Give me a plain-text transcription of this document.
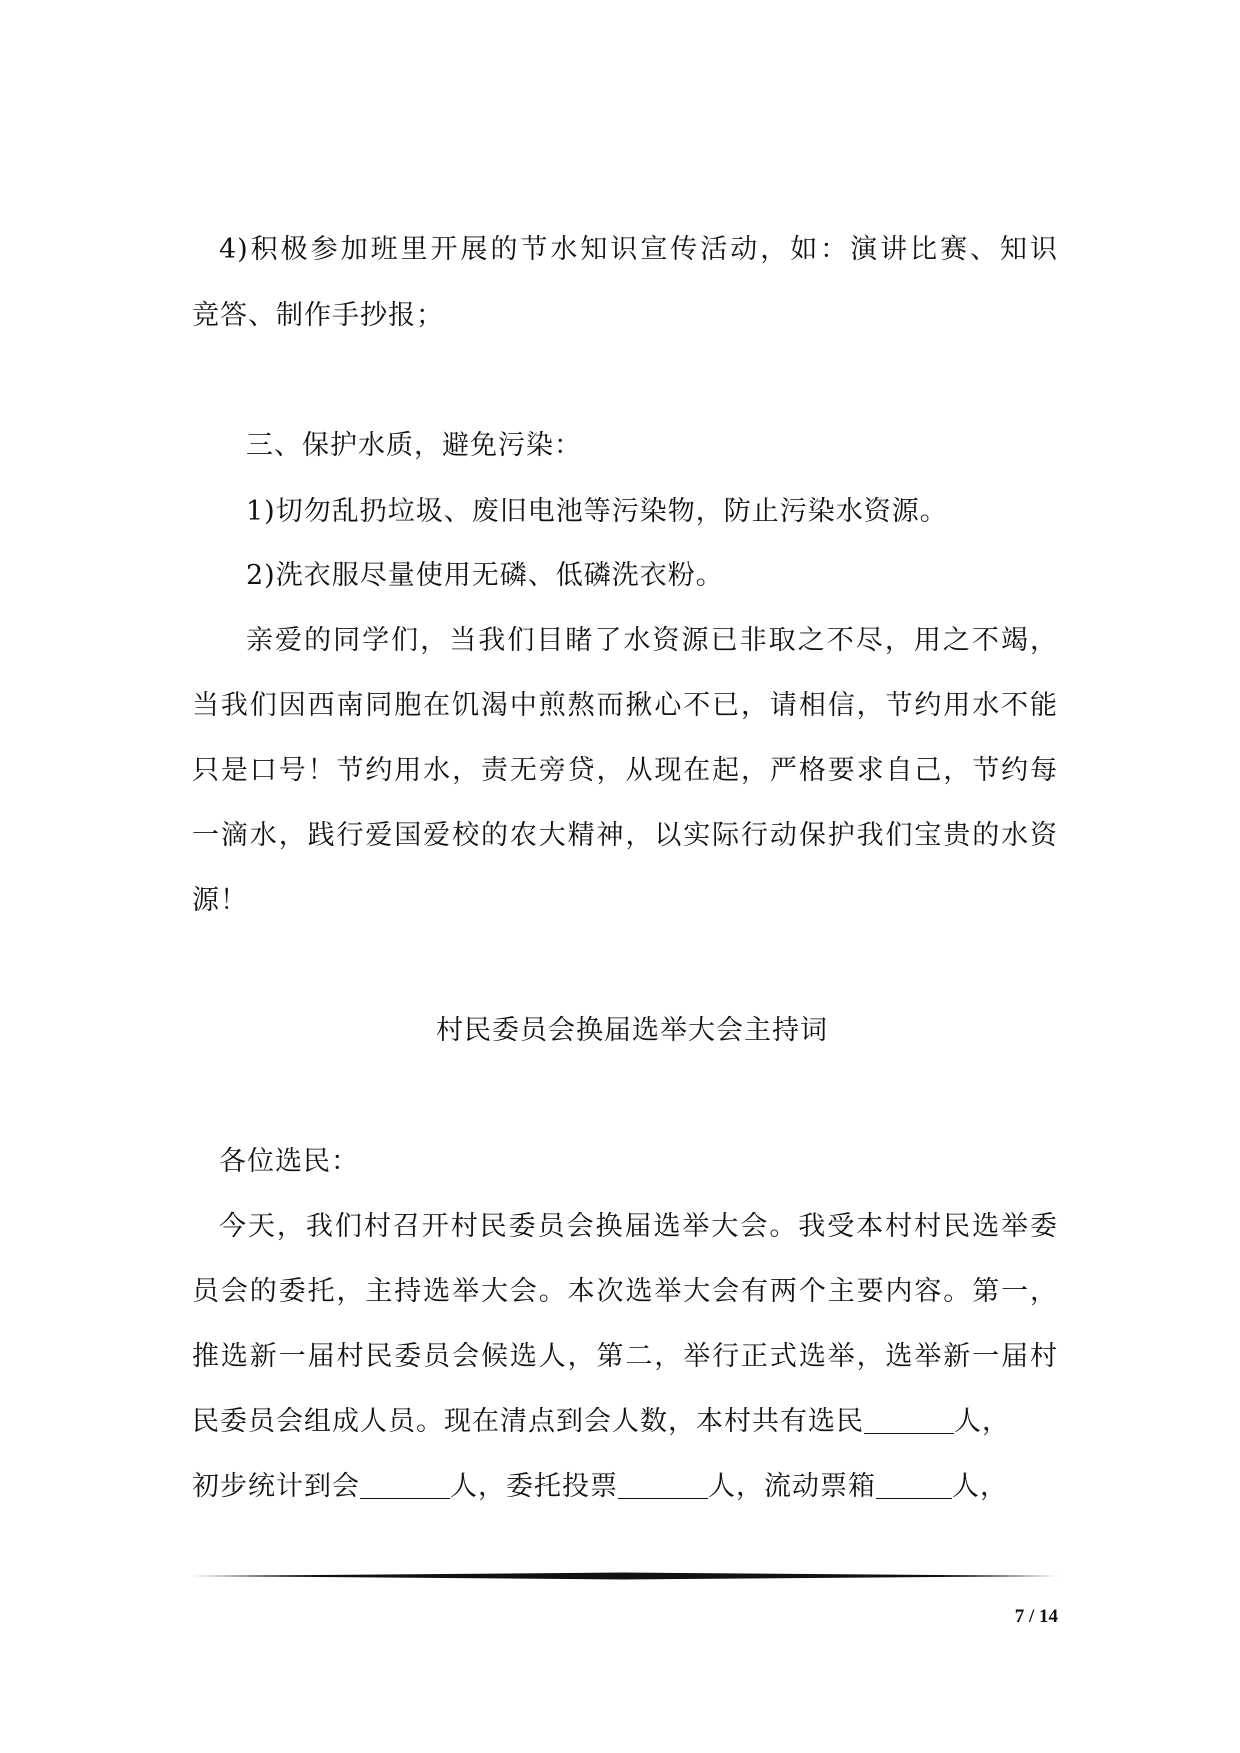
4)积极参加班里开展的节水知识宣传活动，如：演讲比赛、知识
竞答、制作手抄报；
三、保护水质，避免污染：
1)切勿乱扔垃圾、废旧电池等污染物，防止污染水资源。
2)洗衣服尽量使用无磷、低磷洗衣粉。
亲爱的同学们，当我们目睹了水资源已非取之不尽，用之不竭，
当我们因西南同胞在饥渴中煎熬而揪心不已，请相信，节约用水不能
只是口号！节约用水，责无旁贷，从现在起，严格要求自己，节约每
一滴水，践行爱国爱校的农大精神，以实际行动保护我们宝贵的水资
源！
村民委员会换届选举大会主持词
各位选民：
今天，我们村召开村民委员会换届选举大会。我受本村村民选举委
员会的委托，主持选举大会。本次选举大会有两个主要内容。第一，
推选新一届村民委员会候选人，第二，举行正式选举，选举新一届村
民委员会组成人员。现在清点到会人数，本村共有选民	人，
初步统计到会	人，委托投票	人，流动票箱	人，
7 / 14
